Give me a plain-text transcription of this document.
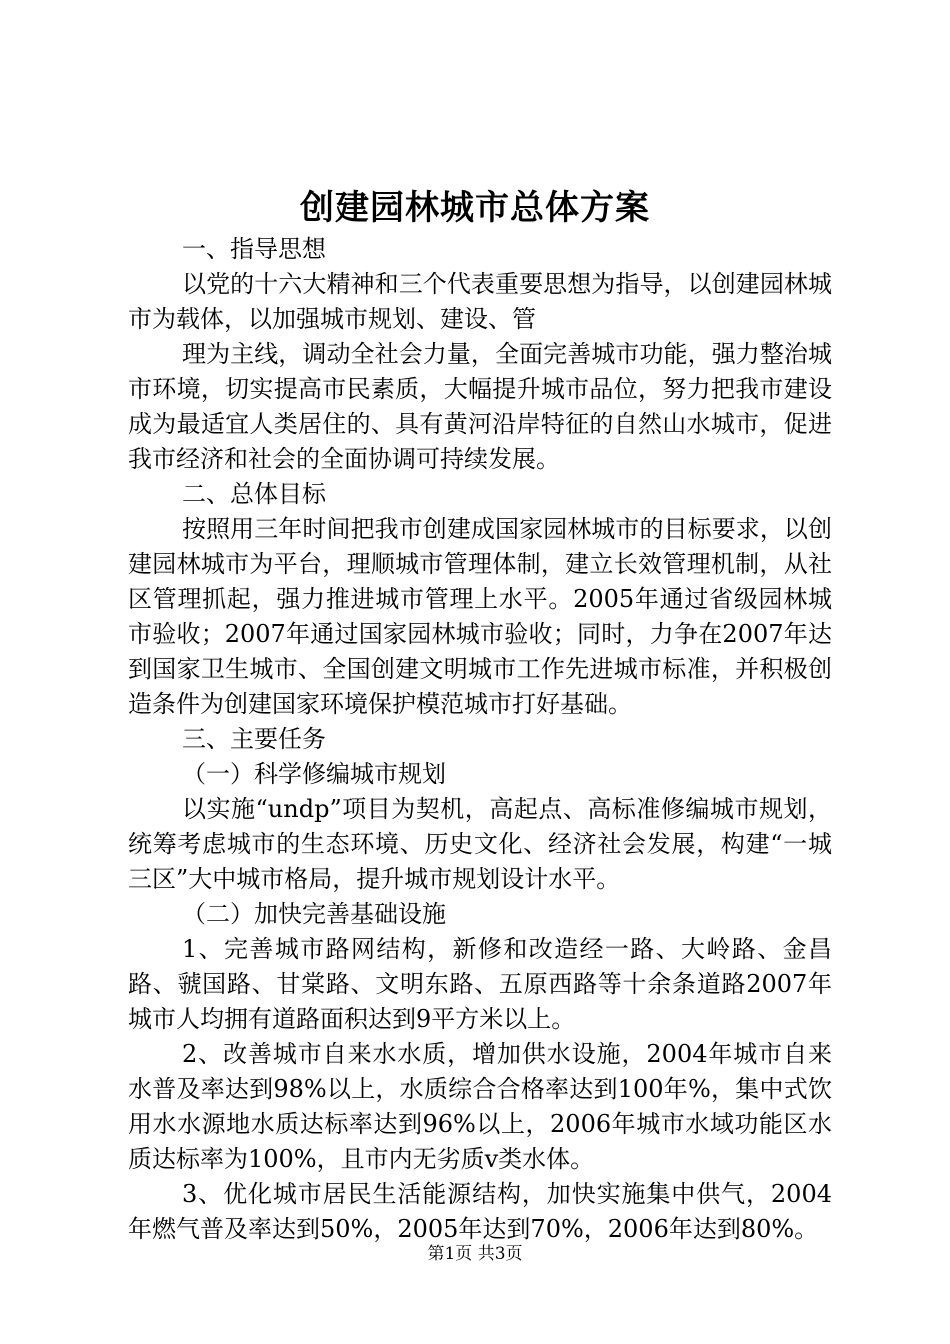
创建园林城市总体方案

一、指导思想

以党的十六大精神和三个代表重要思想为指导，以创建园林城市为载体，以加强城市规划、建设、管

理为主线，调动全社会力量，全面完善城市功能，强力整治城市环境，切实提高市民素质，大幅提升城市品位，努力把我市建设成为最适宜人类居住的、具有黄河沿岸特征的自然山水城市，促进我市经济和社会的全面协调可持续发展。

二、总体目标

按照用三年时间把我市创建成国家园林城市的目标要求，以创建园林城市为平台，理顺城市管理体制，建立长效管理机制，从社区管理抓起，强力推进城市管理上水平。2005年通过省级园林城市验收；2007年通过国家园林城市验收；同时，力争在2007年达到国家卫生城市、全国创建文明城市工作先进城市标准，并积极创造条件为创建国家环境保护模范城市打好基础。

三、主要任务

（一）科学修编城市规划

以实施“undp”项目为契机，高起点、高标准修编城市规划，统筹考虑城市的生态环境、历史文化、经济社会发展，构建“一城三区”大中城市格局，提升城市规划设计水平。

（二）加快完善基础设施

1、完善城市路网结构，新修和改造经一路、大岭路、金昌路、虢国路、甘棠路、文明东路、五原西路等十余条道路2007年城市人均拥有道路面积达到9平方米以上。

2、改善城市自来水水质，增加供水设施，2004年城市自来水普及率达到98%以上，水质综合合格率达到100年%，集中式饮用水水源地水质达标率达到96%以上，2006年城市水域功能区水质达标率为100%，且市内无劣质v类水体。

3、优化城市居民生活能源结构，加快实施集中供气，2004年燃气普及率达到50%，2005年达到70%，2006年达到80%。

第1页 共3页
